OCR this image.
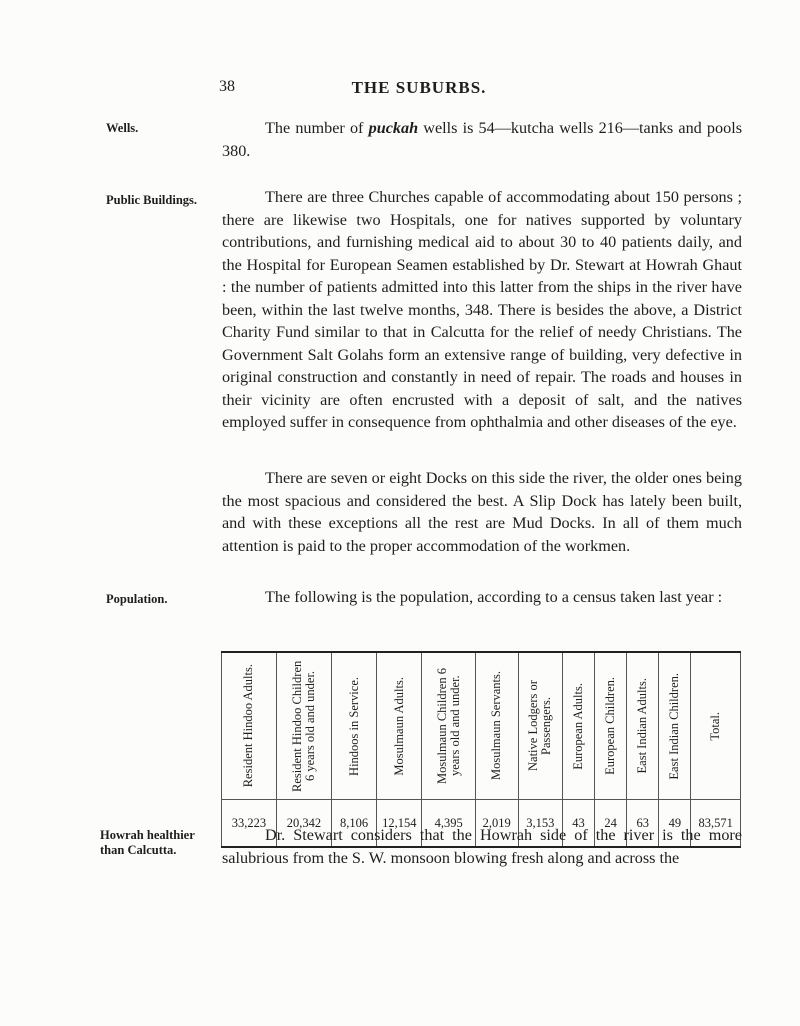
38	THE SUBURBS.
Wells.	The number of puckah wells is 54—kutcha wells 216—tanks and pools 380.

Public Buildings.	There are three Churches capable of accommodating about 150 persons ; there are likewise two Hospitals, one for natives supported by voluntary contributions, and furnishing medical aid to about 30 to 40 patients daily, and the Hospital for European Seamen established by Dr. Stewart at Howrah Ghaut : the number of patients admitted into this latter from the ships in the river have been, within the last twelve months, 348. There is besides the above, a District Charity Fund similar to that in Calcutta for the relief of needy Christians. The Government Salt Golahs form an extensive range of building, very defective in original construction and constantly in need of repair. The roads and houses in their vicinity are often encrusted with a deposit of salt, and the natives employed suffer in consequence from ophthalmia and other diseases of the eye.

There are seven or eight Docks on this side the river, the older ones being the most spacious and considered the best. A Slip Dock has lately been built, and with these exceptions all the rest are Mud Docks. In all of them much attention is paid to the proper accommodation of the workmen.

Population.	The following is the population, according to a census taken last year :

Resident Hindoo Adults.	Resident Hindoo Children 6 years old and under.	Hindoos in Service.	Mosulmaun Adults.	Mosulmaun Children 6 years old and under.	Mosulmaun Servants.	Native Lodgers or Passengers.	European Adults.	European Children.	East Indian Adults.	East Indian Children.	Total.

33,223	20,342	8,106	12,154	4,395	2,019	3,153	43	24	63	49	83,571
Howrah healthier than Calcutta.

Dr. Stewart considers that the Howrah side of the river is the more salubrious from the S. W. monsoon blowing fresh along and across the
